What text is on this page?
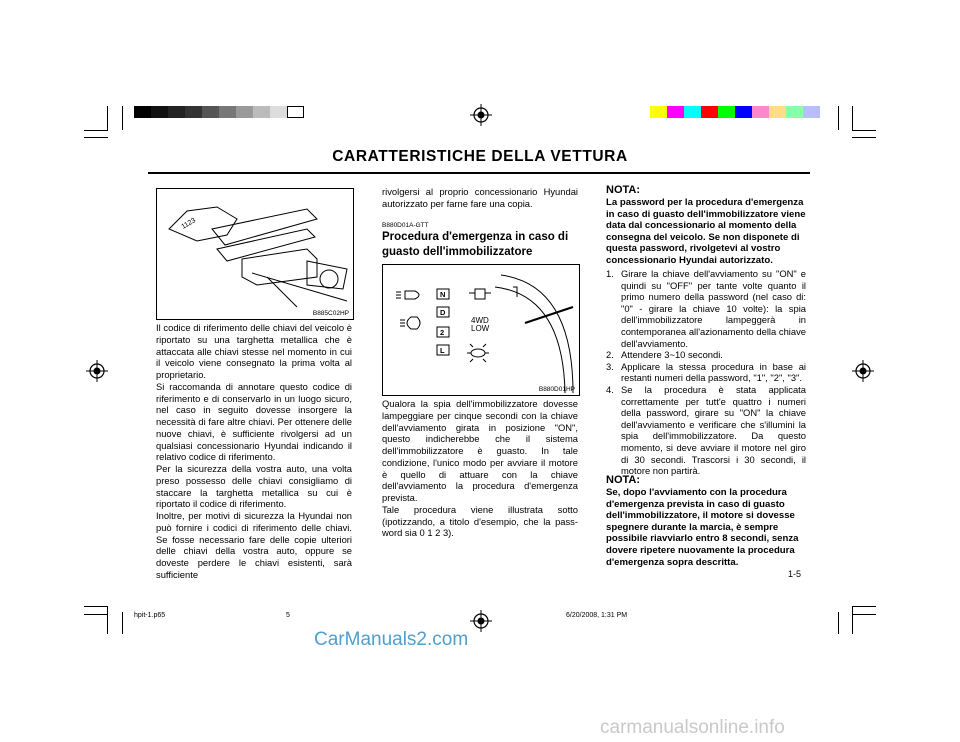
CARATTERISTICHE DELLA VETTURA
1123
B885C02HP
Il codice di riferimento delle chiavi del veicolo è riportato su una targhetta metallica che è attaccata alle chiavi stesse nel momento in cui il veicolo viene consegnato la prima volta al proprietario.
Si raccomanda di annotare questo codice di riferimento e di conservarlo in un luogo sicuro, nel caso in seguito dovesse insorgere la necessità di fare altre chiavi. Per ottenere delle nuove chiavi, è sufficiente rivolgersi ad un qualsiasi concessionario Hyundai indicando il relativo codice di riferimento.
Per la sicurezza della vostra auto, una volta preso possesso delle chiavi consigliamo di staccare la targhetta metallica su cui è riportato il codice di riferimento.
Inoltre, per motivi di sicurezza la Hyundai non può fornire i codici di riferimento delle chiavi. Se fosse necessario fare delle copie ulteriori delle chiavi della vostra auto, oppure se doveste perdere le chiavi esistenti, sarà sufficiente
rivolgersi al proprio concessionario Hyundai autorizzato per farne fare una copia.
B880D01A-GTT
Procedura d'emergenza in caso di guasto dell'immobilizzatore
N
D
2
L
4WD
LOW
B880D01HP
Qualora la spia dell'immobilizzatore dovesse lampeggiare per cinque secondi con la chiave dell'avviamento girata in posizione "ON", questo indicherebbe che il sistema dell'immobilizzatore è guasto. In tale condizione, l'unico modo per avviare il motore è quello di attuare con la chiave dell'avviamento la procedura d'emergenza prevista.
Tale procedura viene illustrata sotto (ipotizzando, a titolo d'esempio, che la pass-word sia 0 1 2 3).
NOTA:
La password per la procedura d'emergenza in caso di guasto dell'immobilizzatore viene data dal concessionario al momento della consegna del veicolo. Se non disponete di questa password, rivolgetevi al vostro concessionario Hyundai autorizzato.
1. Girare la chiave dell'avviamento su "ON" e quindi su "OFF" per tante volte quanto il primo numero della password (nel caso di: "0" - girare la chiave 10 volte): la spia dell'immobilizzatore lampeggerà in contemporanea all'azionamento della chiave dell'avviamento.
2. Attendere 3~10 secondi.
3. Applicare la stessa procedura in base ai restanti numeri della password, "1", "2", "3".
4. Se la procedura è stata applicata correttamente per tutt'e quattro i numeri della password, girare su "ON" la chiave dell'avviamento e verificare che s'illumini la spia dell'immobilizzatore. Da questo momento, si deve avviare il motore nel giro di 30 secondi. Trascorsi i 30 secondi, il motore non partirà.
NOTA:
Se, dopo l'avviamento con la procedura d'emergenza prevista in caso di guasto dell'immobilizzatore, il motore si dovesse spegnere durante la marcia, è sempre possibile riavviarlo entro 8 secondi, senza dovere ripetere nuovamente la procedura d'emergenza sopra descritta.
1-5
hpit-1.p65	5	6/20/2008, 1:31 PM
CarManuals2.com
carmanualsonline.info
